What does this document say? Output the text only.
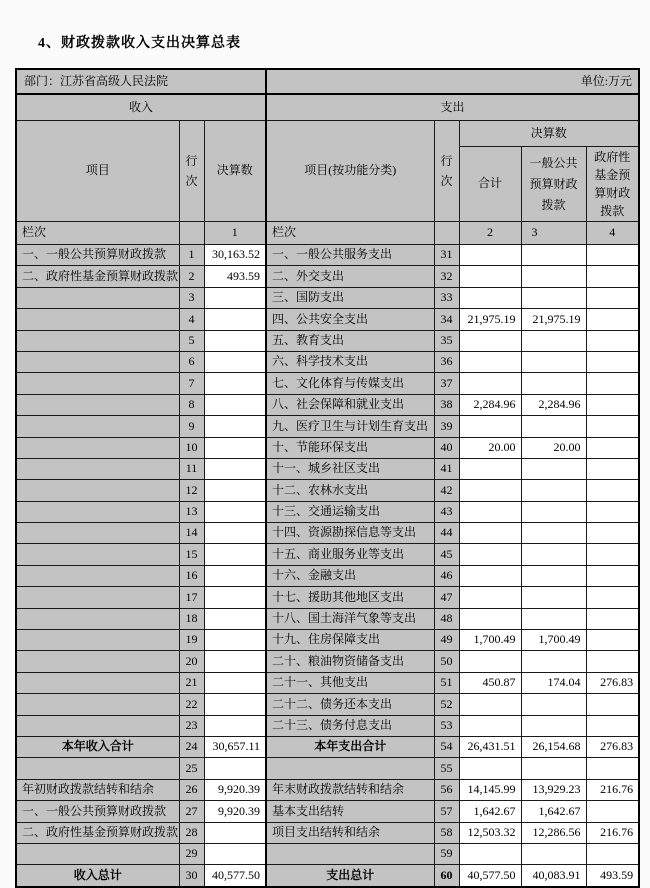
4、财政拨款收入支出决算总表
部门：江苏省高级人民法院			单位:万元				
收入			支出				
项目	行次	决算数	项目(按功能分类)	行次	决算数		
					合计	一般公共预算财政拨款	政府性基金预算财政拨款
栏次		1	栏次		2	3	4
一、一般公共预算财政拨款	1	30,163.52	一、一般公共服务支出	31			
二、政府性基金预算财政拨款	2	493.59	二、外交支出	32			
	3		三、国防支出	33			
	4		四、公共安全支出	34	21,975.19	21,975.19	
	5		五、教育支出	35			
	6		六、科学技术支出	36			
	7		七、文化体育与传媒支出	37			
	8		八、社会保障和就业支出	38	2,284.96	2,284.96	
	9		九、医疗卫生与计划生育支出	39			
	10		十、节能环保支出	40	20.00	20.00	
	11		十一、城乡社区支出	41			
	12		十二、农林水支出	42			
	13		十三、交通运输支出	43			
	14		十四、资源勘探信息等支出	44			
	15		十五、商业服务业等支出	45			
	16		十六、金融支出	46			
	17		十七、援助其他地区支出	47			
	18		十八、国土海洋气象等支出	48			
	19		十九、住房保障支出	49	1,700.49	1,700.49	
	20		二十、粮油物资储备支出	50			
	21		二十一、其他支出	51	450.87	174.04	276.83
	22		二十二、债务还本支出	52			
	23		二十三、债务付息支出	53			
本年收入合计	24	30,657.11	本年支出合计	54	26,431.51	26,154.68	276.83
	25			55			
年初财政拨款结转和结余	26	9,920.39	年末财政拨款结转和结余	56	14,145.99	13,929.23	216.76
一、一般公共预算财政拨款	27	9,920.39	基本支出结转	57	1,642.67	1,642.67	
二、政府性基金预算财政拨款	28		项目支出结转和结余	58	12,503.32	12,286.56	216.76
	29			59			
收入总计	30	40,577.50	支出总计	60	40,577.50	40,083.91	493.59
